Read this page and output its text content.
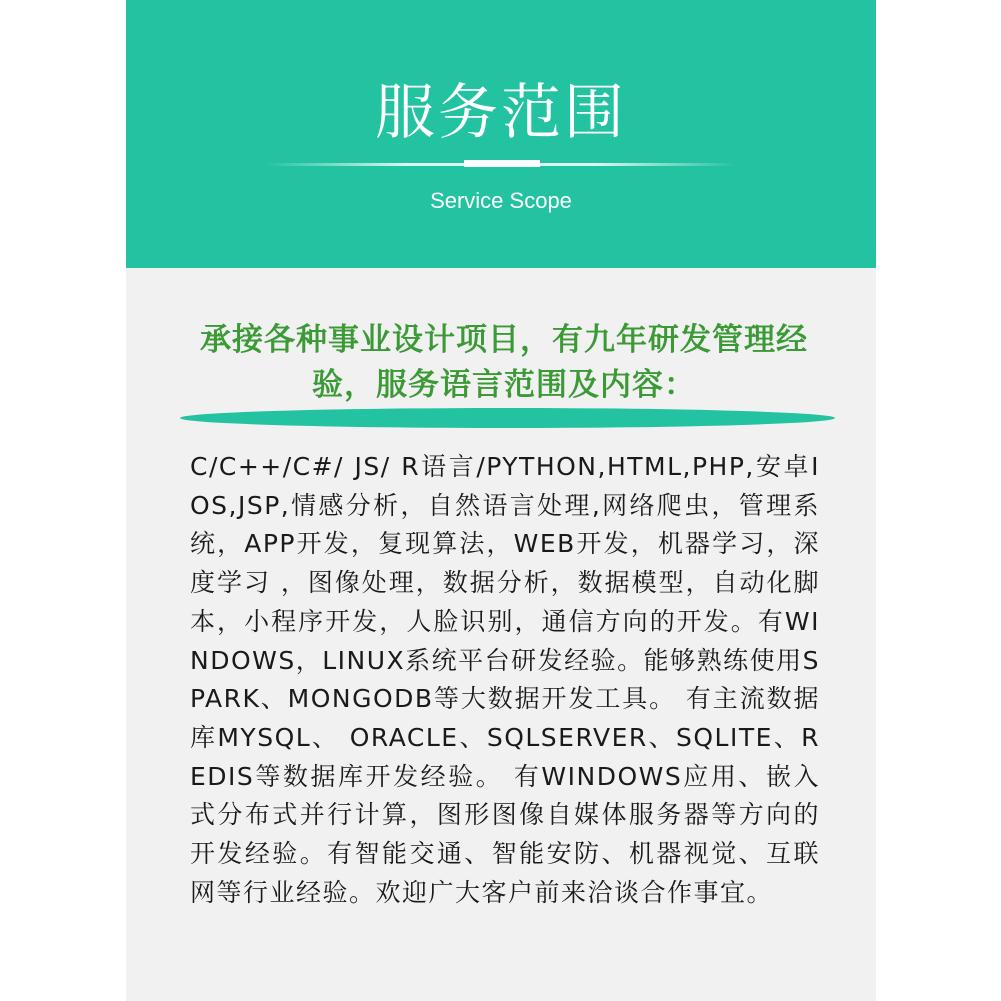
服务范围
Service Scope
承接各种事业设计项目，有九年研发管理经验，服务语言范围及内容：
C/C++/C#/ JS/ R语言/PYTHON,HTML,PHP,安卓IOS,JSP,情感分析，自然语言处理,网络爬虫，管理系统，APP开发，复现算法，WEB开发，机器学习，深度学习 ，图像处理，数据分析，数据模型，自动化脚本，小程序开发，人脸识别，通信方向的开发。有WINDOWS，LINUX系统平台研发经验。能够熟练使用SPARK、MONGODB等大数据开发工具。 有主流数据库MYSQL、 ORACLE、SQLSERVER、SQLITE、REDIS等数据库开发经验。 有WINDOWS应用、嵌入式分布式并行计算，图形图像自媒体服务器等方向的开发经验。有智能交通、智能安防、机器视觉、互联网等行业经验。欢迎广大客户前来洽谈合作事宜。
